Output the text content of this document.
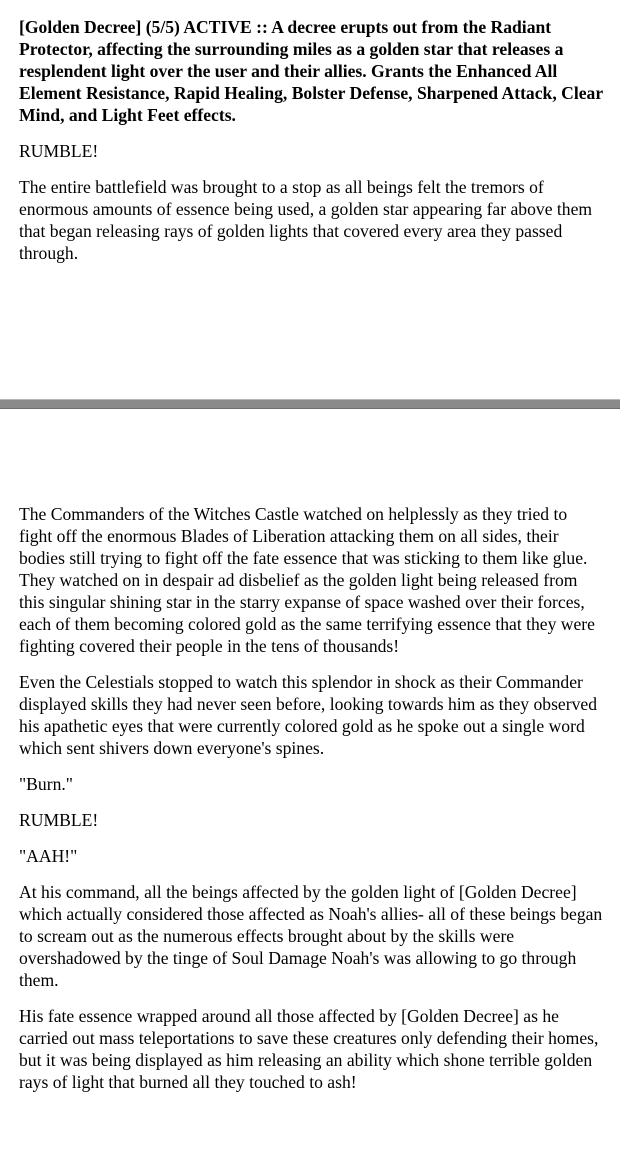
[Golden Decree] (5/5) ACTIVE :: A decree erupts out from the Radiant Protector, affecting the surrounding miles as a golden star that releases a resplendent light over the user and their allies. Grants the Enhanced All Element Resistance, Rapid Healing, Bolster Defense, Sharpened Attack, Clear Mind, and Light Feet effects.

RUMBLE!

The entire battlefield was brought to a stop as all beings felt the tremors of enormous amounts of essence being used, a golden star appearing far above them that began releasing rays of golden lights that covered every area they passed through.

The Commanders of the Witches Castle watched on helplessly as they tried to fight off the enormous Blades of Liberation attacking them on all sides, their bodies still trying to fight off the fate essence that was sticking to them like glue. They watched on in despair ad disbelief as the golden light being released from this singular shining star in the starry expanse of space washed over their forces, each of them becoming colored gold as the same terrifying essence that they were fighting covered their people in the tens of thousands!

Even the Celestials stopped to watch this splendor in shock as their Commander displayed skills they had never seen before, looking towards him as they observed his apathetic eyes that were currently colored gold as he spoke out a single word which sent shivers down everyone's spines.

"Burn."

RUMBLE!

"AAH!"

At his command, all the beings affected by the golden light of [Golden Decree] which actually considered those affected as Noah's allies- all of these beings began to scream out as the numerous effects brought about by the skills were overshadowed by the tinge of Soul Damage Noah's was allowing to go through them.

His fate essence wrapped around all those affected by [Golden Decree] as he carried out mass teleportations to save these creatures only defending their homes, but it was being displayed as him releasing an ability which shone terrible golden rays of light that burned all they touched to ash!
